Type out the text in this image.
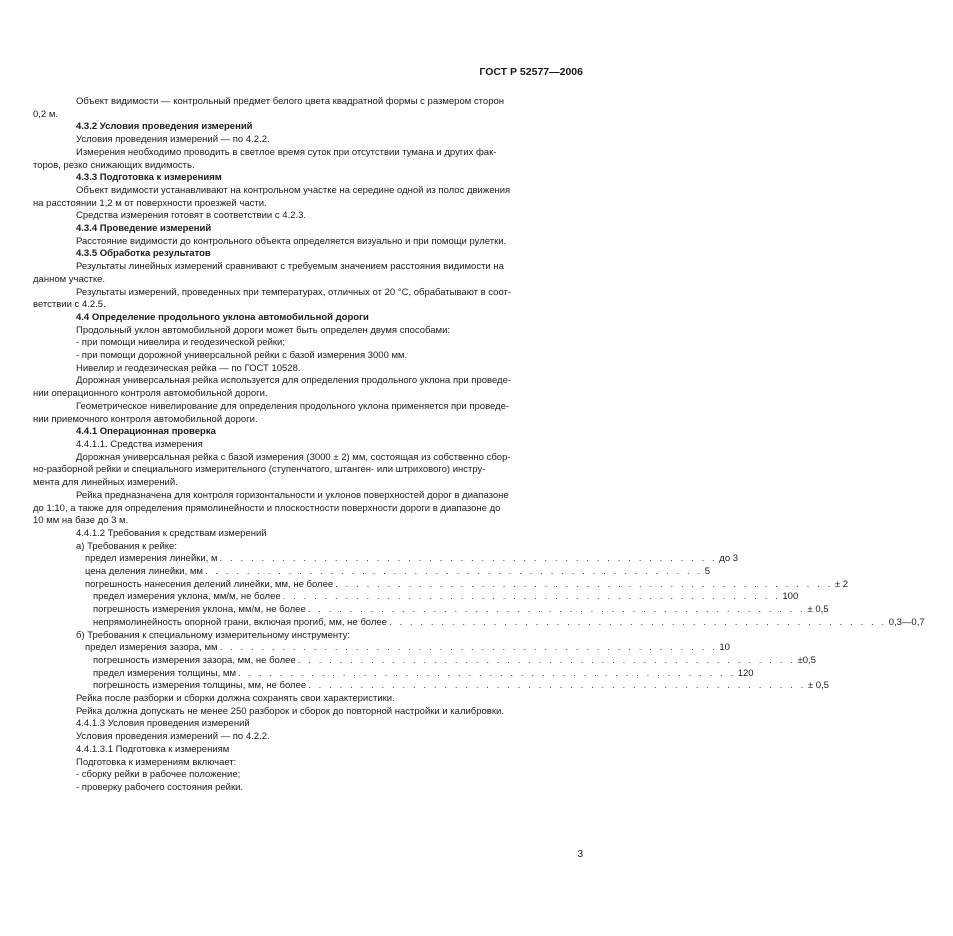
ГОСТ Р 52577—2006
Объект видимости — контрольный предмет белого цвета квадратной формы с размером сторон
0,2 м.
4.3.2 Условия проведения измерений
Условия проведения измерений — по 4.2.2.
Измерения необходимо проводить в светлое время суток при отсутствии тумана и других фак-
торов, резко снижающих видимость.
4.3.3 Подготовка к измерениям
Объект видимости устанавливают на контрольном участке на середине одной из полос движения
на расстоянии 1,2 м от поверхности проезжей части.
Средства измерения готовят в соответствии с 4.2.3.
4.3.4 Проведение измерений
Расстояние видимости до контрольного объекта определяется визуально и при помощи рулетки.
4.3.5 Обработка результатов
Результаты линейных измерений сравнивают с требуемым значением расстояния видимости на
данном участке.
Результаты измерений, проведенных при температурах, отличных от 20 °С, обрабатывают в соот-
ветствии с 4.2.5.
4.4 Определение продольного уклона автомобильной дороги
Продольный уклон автомобильной дороги может быть определен двумя способами:
- при помощи нивелира и геодезической рейки;
- при помощи дорожной универсальной рейки с базой измерения 3000 мм.
Нивелир и геодезическая рейка — по ГОСТ 10528.
Дорожная универсальная рейка используется для определения продольного уклона при проведе-
нии операционного контроля автомобильной дороги.
Геометрическое нивелирование для определения продольного уклона применяется при проведе-
нии приемочного контроля автомобильной дороги.
4.4.1 Операционная проверка
4.4.1.1. Средства измерения
Дорожная универсальная рейка с базой измерения (3000 ± 2) мм, состоящая из собственно сбор-
но-разборной рейки и специального измерительного (ступенчатого, штанген- или штрихового) инстру-
мента для линейных измерений.
Рейка предназначена для контроля горизонтальности и уклонов поверхностей дорог в диапазоне
до 1:10, а также для определения прямолинейности и плоскостности поверхности дороги в диапазоне до
10 мм на базе до 3 м.
4.4.1.2 Требования к средствам измерений
а) Требования к рейке:
предел измерения линейки, м . . . . . . . . . . . . . . . . . . . . . . . . . . . . . . . . . . . . . . . . . . . . . . . . до 3
цена деления линейки, мм . . . . . . . . . . . . . . . . . . . . . . . . . . . . . . . . . . . . . . . . . . . . . . . . 5
погрешность нанесения делений линейки, мм, не более . . . . . . . . . . . . . . . . . . . . . . . . . . . . . . . . . . . . . . . . . . . . . . . . ± 2
предел измерения уклона, мм/м, не более . . . . . . . . . . . . . . . . . . . . . . . . . . . . . . . . . . . . . . . . . . . . . . . . 100
погрешность измерения уклона, мм/м, не более . . . . . . . . . . . . . . . . . . . . . . . . . . . . . . . . . . . . . . . . . . . . . . . . ± 0,5
непрямолинейность опорной грани, включая прогиб, мм, не более . . . . . . . . . . . . . . . . . . . . . . . . . . . . . . . . . . . . . . . . . . . . . . . . 0,3—0,7
б) Требования к специальному измерительному инструменту:
предел измерения зазора, мм . . . . . . . . . . . . . . . . . . . . . . . . . . . . . . . . . . . . . . . . . . . . . . . . 10
погрешность измерения зазора, мм, не более . . . . . . . . . . . . . . . . . . . . . . . . . . . . . . . . . . . . . . . . . . . . . . . . ±0,5
предел измерения толщины, мм . . . . . . . . . . . . . . . . . . . . . . . . . . . . . . . . . . . . . . . . . . . . . . . . 120
погрешность измерения толщины, мм, не более . . . . . . . . . . . . . . . . . . . . . . . . . . . . . . . . . . . . . . . . . . . . . . . . ± 0,5
Рейка после разборки и сборки должна сохранять свои характеристики.
Рейка должна допускать не менее 250 разборок и сборок до повторной настройки и калибровки.
4.4.1.3 Условия проведения измерений
Условия проведения измерений — по 4.2.2.
4.4.1.3.1 Подготовка к измерениям
Подготовка к измерениям включает:
- сборку рейки в рабочее положение;
- проверку рабочего состояния рейки.
3
